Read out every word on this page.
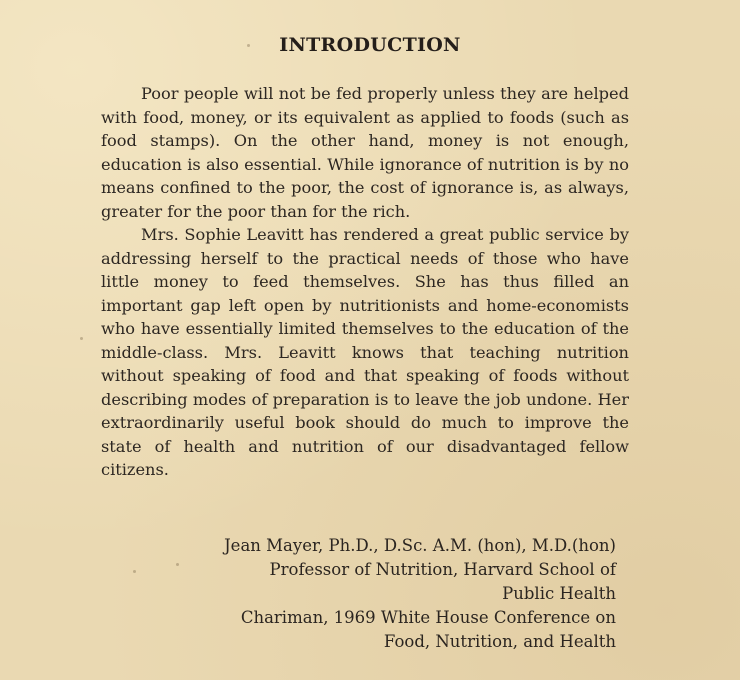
INTRODUCTION

Poor people will not be fed properly unless they are helped with food, money, or its equivalent as applied to foods (such as food stamps). On the other hand, money is not enough, education is also essential. While ignorance of nutrition is by no means confined to the poor, the cost of ignorance is, as always, greater for the poor than for the rich.

Mrs. Sophie Leavitt has rendered a great public service by addressing herself to the practical needs of those who have little money to feed themselves. She has thus filled an important gap left open by nutritionists and home-economists who have essentially limited themselves to the education of the middle-class. Mrs. Leavitt knows that teaching nutrition without speaking of food and that speaking of foods without describing modes of preparation is to leave the job undone. Her extraordinarily useful book should do much to improve the state of health and nutrition of our disadvantaged fellow citizens.

Jean Mayer, Ph.D., D.Sc. A.M. (hon), M.D.(hon)
Professor of Nutrition, Harvard School of
Public Health
Chariman, 1969 White House Conference on
Food, Nutrition, and Health
